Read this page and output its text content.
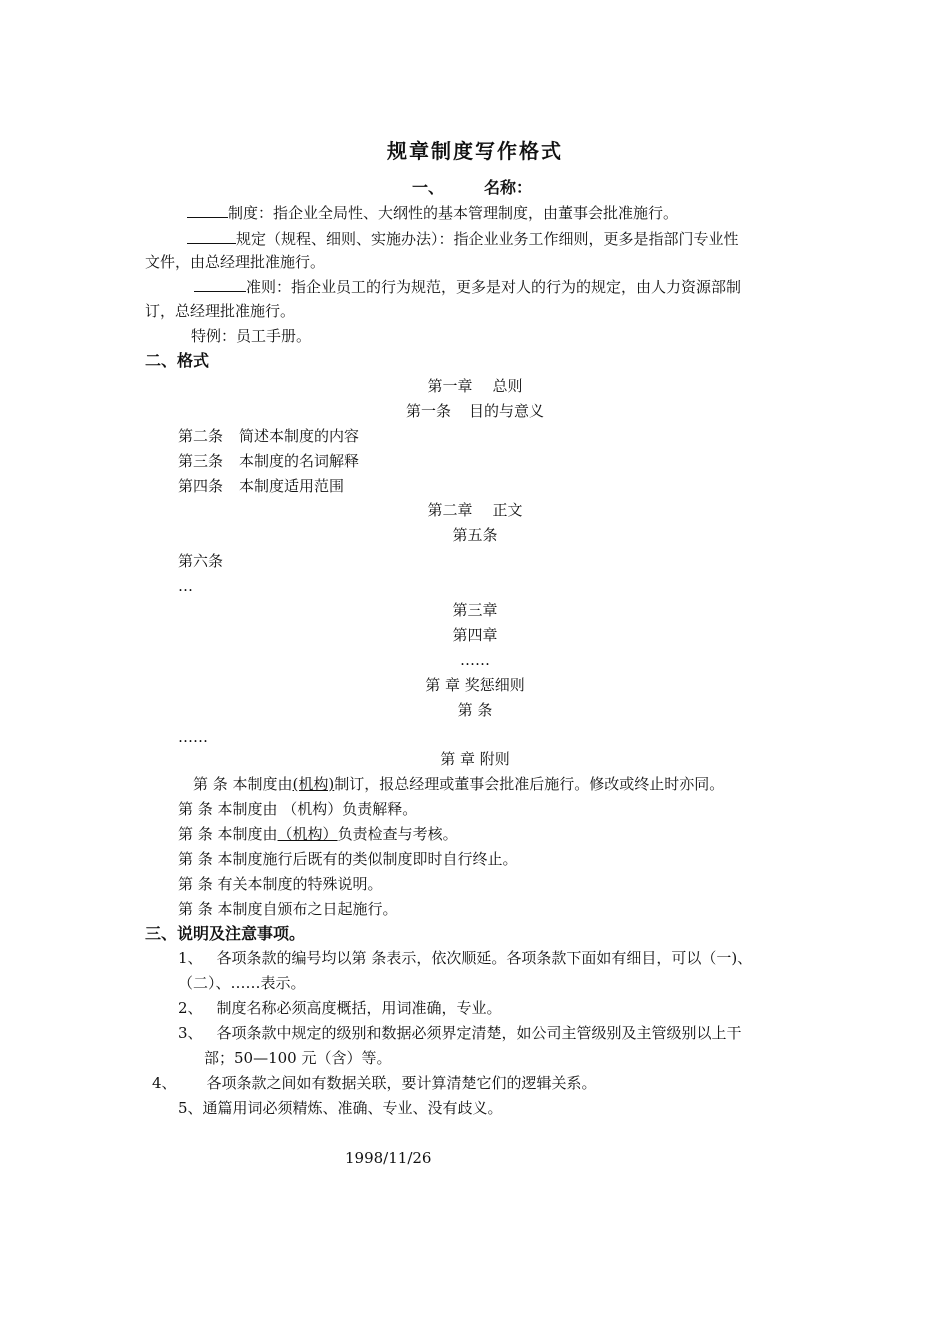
规章制度写作格式
一、	名称：
制度：指企业全局性、大纲性的基本管理制度，由董事会批准施行。
规定（规程、细则、实施办法）：指企业业务工作细则，更多是指部门专业性
文件，由总经理批准施行。
准则：指企业员工的行为规范，更多是对人的行为的规定，由人力资源部制
订，总经理批准施行。
特例：员工手册。
二、格式
第一章 总则
第一条 目的与意义
第二条 简述本制度的内容
第三条 本制度的名词解释
第四条 本制度适用范围
第二章 正文
第五条
第六条
…
第三章
第四章
……
第 章 奖惩细则
第 条
……
第 章 附则
第 条 本制度由(机构)制订，报总经理或董事会批准后施行。修改或终止时亦同。
第 条 本制度由 （机构）负责解释。
第 条 本制度由（机构）负责检查与考核。
第 条 本制度施行后既有的类似制度即时自行终止。
第 条 有关本制度的特殊说明。
第 条 本制度自颁布之日起施行。
三、说明及注意事项。
1、 各项条款的编号均以第 条表示，依次顺延。各项条款下面如有细目，可以（一)、
（二）、……表示。
2、 制度名称必须高度概括，用词准确，专业。
3、 各项条款中规定的级别和数据必须界定清楚，如公司主管级别及主管级别以上干
部；50—100 元（含）等。
4、 各项条款之间如有数据关联，要计算清楚它们的逻辑关系。
5、通篇用词必须精炼、准确、专业、没有歧义。
1998/11/26
